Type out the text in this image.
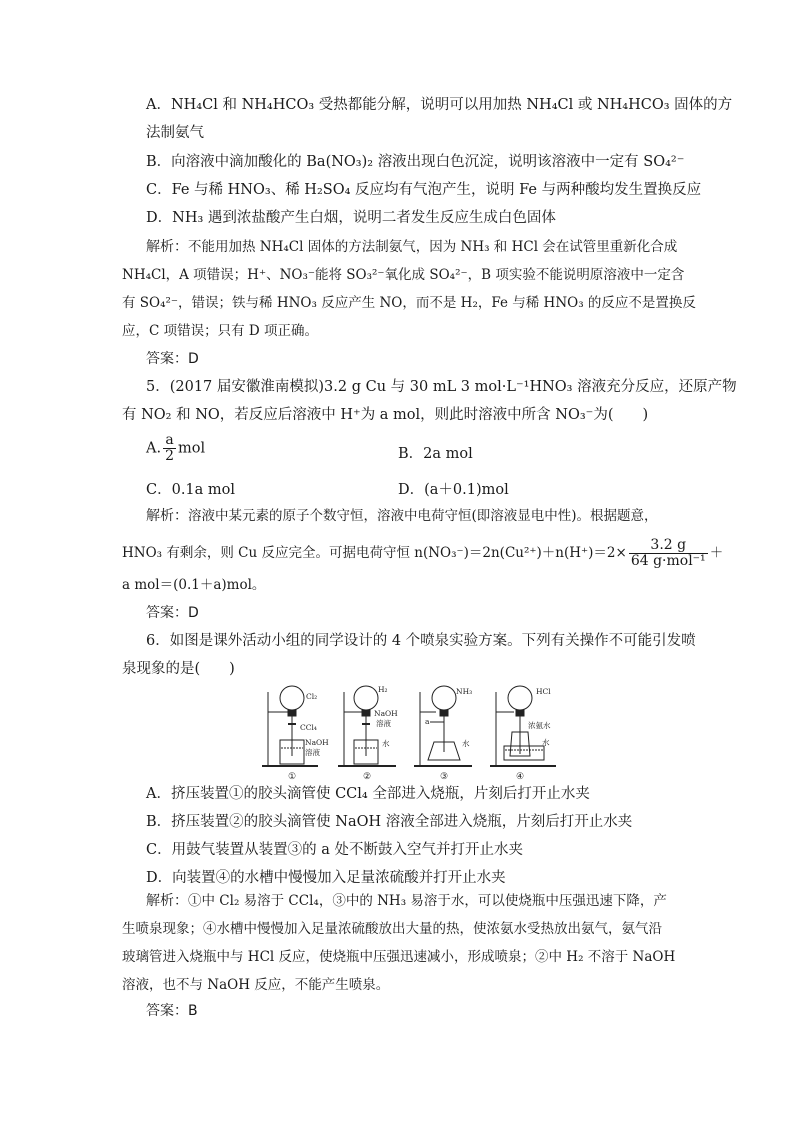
A．NH₄Cl 和 NH₄HCO₃ 受热都能分解，说明可以用加热 NH₄Cl 或 NH₄HCO₃ 固体的方
法制氨气
B．向溶液中滴加酸化的 Ba(NO₃)₂ 溶液出现白色沉淀，说明该溶液中一定有 SO₄²⁻
C．Fe 与稀 HNO₃、稀 H₂SO₄ 反应均有气泡产生，说明 Fe 与两种酸均发生置换反应
D．NH₃ 遇到浓盐酸产生白烟，说明二者发生反应生成白色固体
解析：不能用加热 NH₄Cl 固体的方法制氨气，因为 NH₃ 和 HCl 会在试管里重新化合成
NH₄Cl，A 项错误；H⁺、NO₃⁻能将 SO₃²⁻氧化成 SO₄²⁻，B 项实验不能说明原溶液中一定含
有 SO₄²⁻，错误；铁与稀 HNO₃ 反应产生 NO，而不是 H₂，Fe 与稀 HNO₃ 的反应不是置换反
应，C 项错误；只有 D 项正确。
答案：D
5．(2017 届安徽淮南模拟)3.2 g Cu 与 30 mL 3 mol·L⁻¹HNO₃ 溶液充分反应，还原产物
有 NO₂ 和 NO，若反应后溶液中 H⁺为 a mol，则此时溶液中所含 NO₃⁻为(　　)
A. $\frac{a}{2}$ mol	B．2a mol
C．0.1a mol	D．(a＋0.1)mol
解析：溶液中某元素的原子个数守恒，溶液中电荷守恒(即溶液显电中性)。根据题意，
HNO₃ 有剩余，则 Cu 反应完全。可据电荷守恒 $n(NO_3^-)=2n(Cu^{2+})+n(H^+)=2\times \frac{3.2 g}{\text{64 g·mol⁻¹}}$ ＋
a mol＝(0.1＋a)mol。
答案：D
6．如图是课外活动小组的同学设计的 4 个喷泉实验方案。下列有关操作不可能引发喷
泉现象的是(　　)
Cl₂
CCl₄
NaOH
溶液
①
H₂
NaOH
溶液
水
②
NH₃
a
水
③
HCl
浓氨水
水
④
A．挤压装置①的胶头滴管使 CCl₄ 全部进入烧瓶，片刻后打开止水夹
B．挤压装置②的胶头滴管使 NaOH 溶液全部进入烧瓶，片刻后打开止水夹
C．用鼓气装置从装置③的 a 处不断鼓入空气并打开止水夹
D．向装置④的水槽中慢慢加入足量浓硫酸并打开止水夹
解析：①中 Cl₂ 易溶于 CCl₄，③中的 NH₃ 易溶于水，可以使烧瓶中压强迅速下降，产
生喷泉现象；④水槽中慢慢加入足量浓硫酸放出大量的热，使浓氨水受热放出氨气，氨气沿
玻璃管进入烧瓶中与 HCl 反应，使烧瓶中压强迅速减小，形成喷泉；②中 H₂ 不溶于 NaOH
溶液，也不与 NaOH 反应，不能产生喷泉。
答案：B
